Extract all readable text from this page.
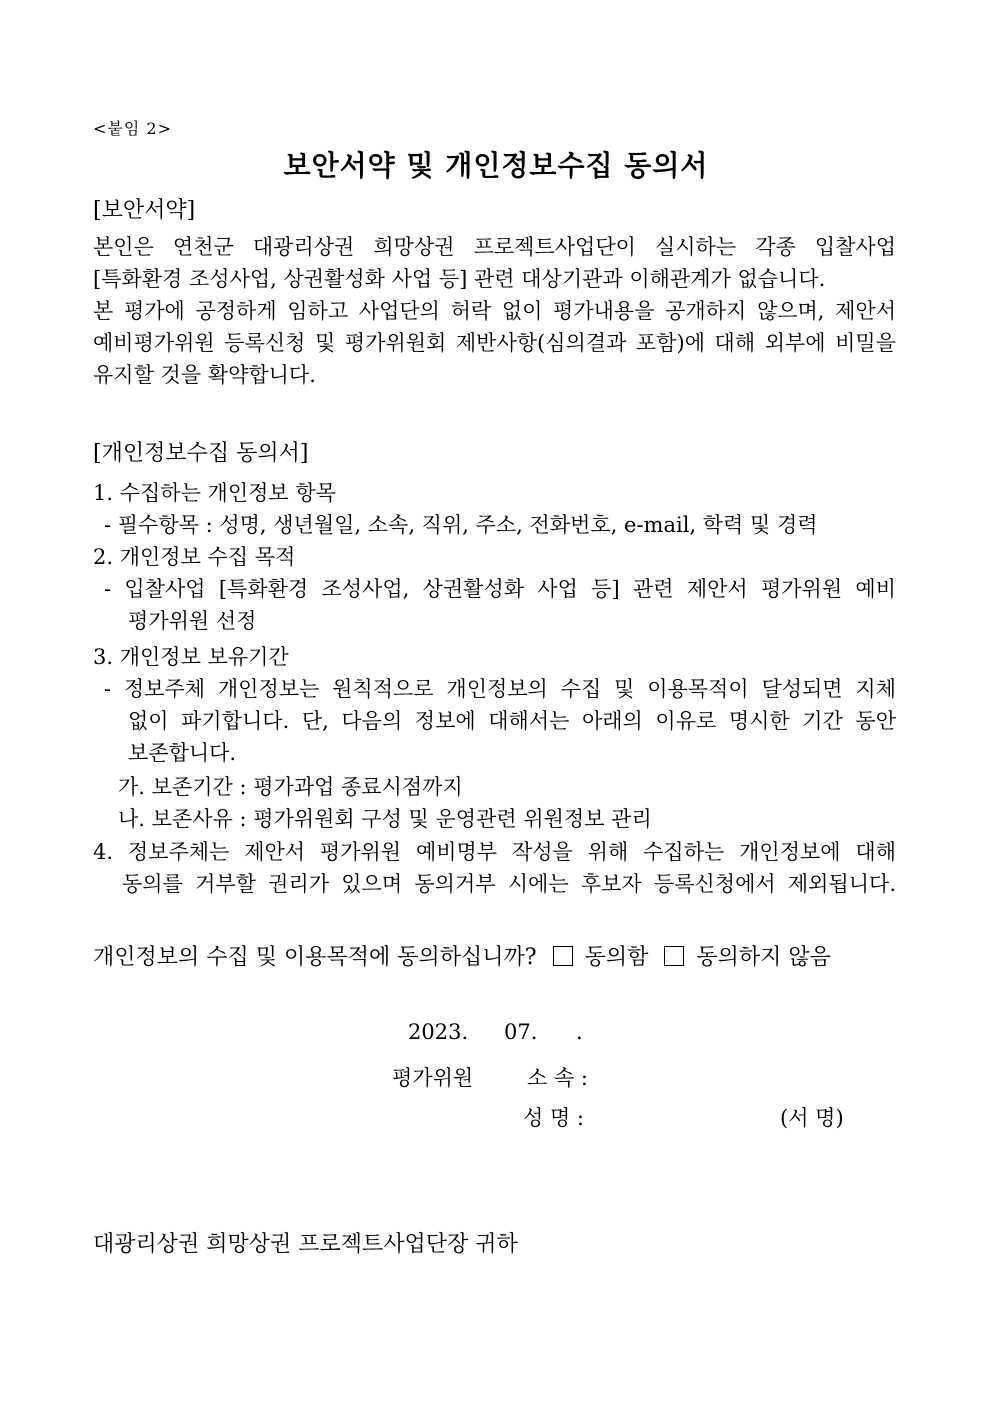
<붙임 2>
보안서약 및 개인정보수집 동의서
[보안서약]
본인은 연천군 대광리상권 희망상권 프로젝트사업단이 실시하는 각종 입찰사업
[특화환경 조성사업, 상권활성화 사업 등] 관련 대상기관과 이해관계가 없습니다.
본 평가에 공정하게 임하고 사업단의 허락 없이 평가내용을 공개하지 않으며, 제안서
예비평가위원 등록신청 및 평가위원회 제반사항(심의결과 포함)에 대해 외부에 비밀을
유지할 것을 확약합니다.
[개인정보수집 동의서]
1. 수집하는 개인정보 항목
- 필수항목 : 성명, 생년월일, 소속, 직위, 주소, 전화번호, e-mail, 학력 및 경력
2. 개인정보 수집 목적
- 입찰사업 [특화환경 조성사업, 상권활성화 사업 등] 관련 제안서 평가위원 예비
평가위원 선정
3. 개인정보 보유기간
- 정보주체 개인정보는 원칙적으로 개인정보의 수집 및 이용목적이 달성되면 지체
없이 파기합니다. 단, 다음의 정보에 대해서는 아래의 이유로 명시한 기간 동안
보존합니다.
가. 보존기간 : 평가과업 종료시점까지
나. 보존사유 : 평가위원회 구성 및 운영관련 위원정보 관리
4. 정보주체는 제안서 평가위원 예비명부 작성을 위해 수집하는 개인정보에 대해
동의를 거부할 권리가 있으며 동의거부 시에는 후보자 등록신청에서 제외됩니다.
개인정보의 수집 및 이용목적에 동의하십니까? 동의함 동의하지 않음
2023. 07. .
평가위원	소 속 :
성 명 :	(서 명)
대광리상권 희망상권 프로젝트사업단장 귀하
